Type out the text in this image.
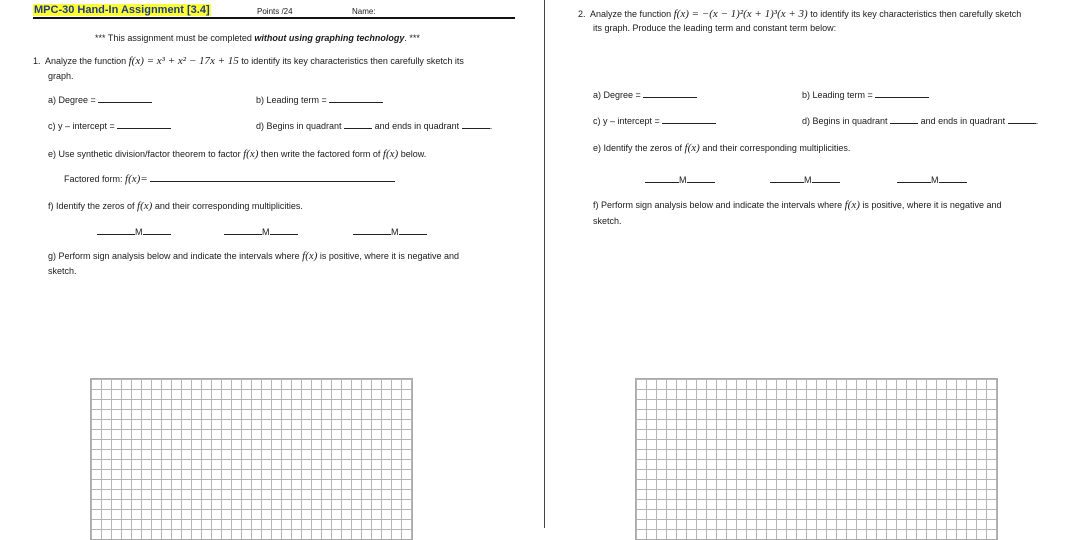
MPC-30 Hand-In Assignment [3.4]	Points /24	Name:
*** This assignment must be completed without using graphing technology. ***
1. Analyze the function f(x) = x³ + x² − 17x + 15 to identify its key characteristics then carefully sketch its
graph.
a) Degree =	b) Leading term =
c) y – intercept =	d) Begins in quadrant	and ends in quadrant	.
e) Use synthetic division/factor theorem to factor f(x) then write the factored form of f(x) below.
Factored form: f(x)=
f) Identify the zeros of f(x) and their corresponding multiplicities.
M	M	M
g) Perform sign analysis below and indicate the intervals where f(x) is positive, where it is negative and
sketch.
2. Analyze the function f(x) = −(x − 1)²(x + 1)³(x + 3) to identify its key characteristics then carefully sketch
its graph. Produce the leading term and constant term below:
a) Degree =	b) Leading term =
c) y – intercept =	d) Begins in quadrant	and ends in quadrant	.
e) Identify the zeros of f(x) and their corresponding multiplicities.
M	M	M
f) Perform sign analysis below and indicate the intervals where f(x) is positive, where it is negative and
sketch.
